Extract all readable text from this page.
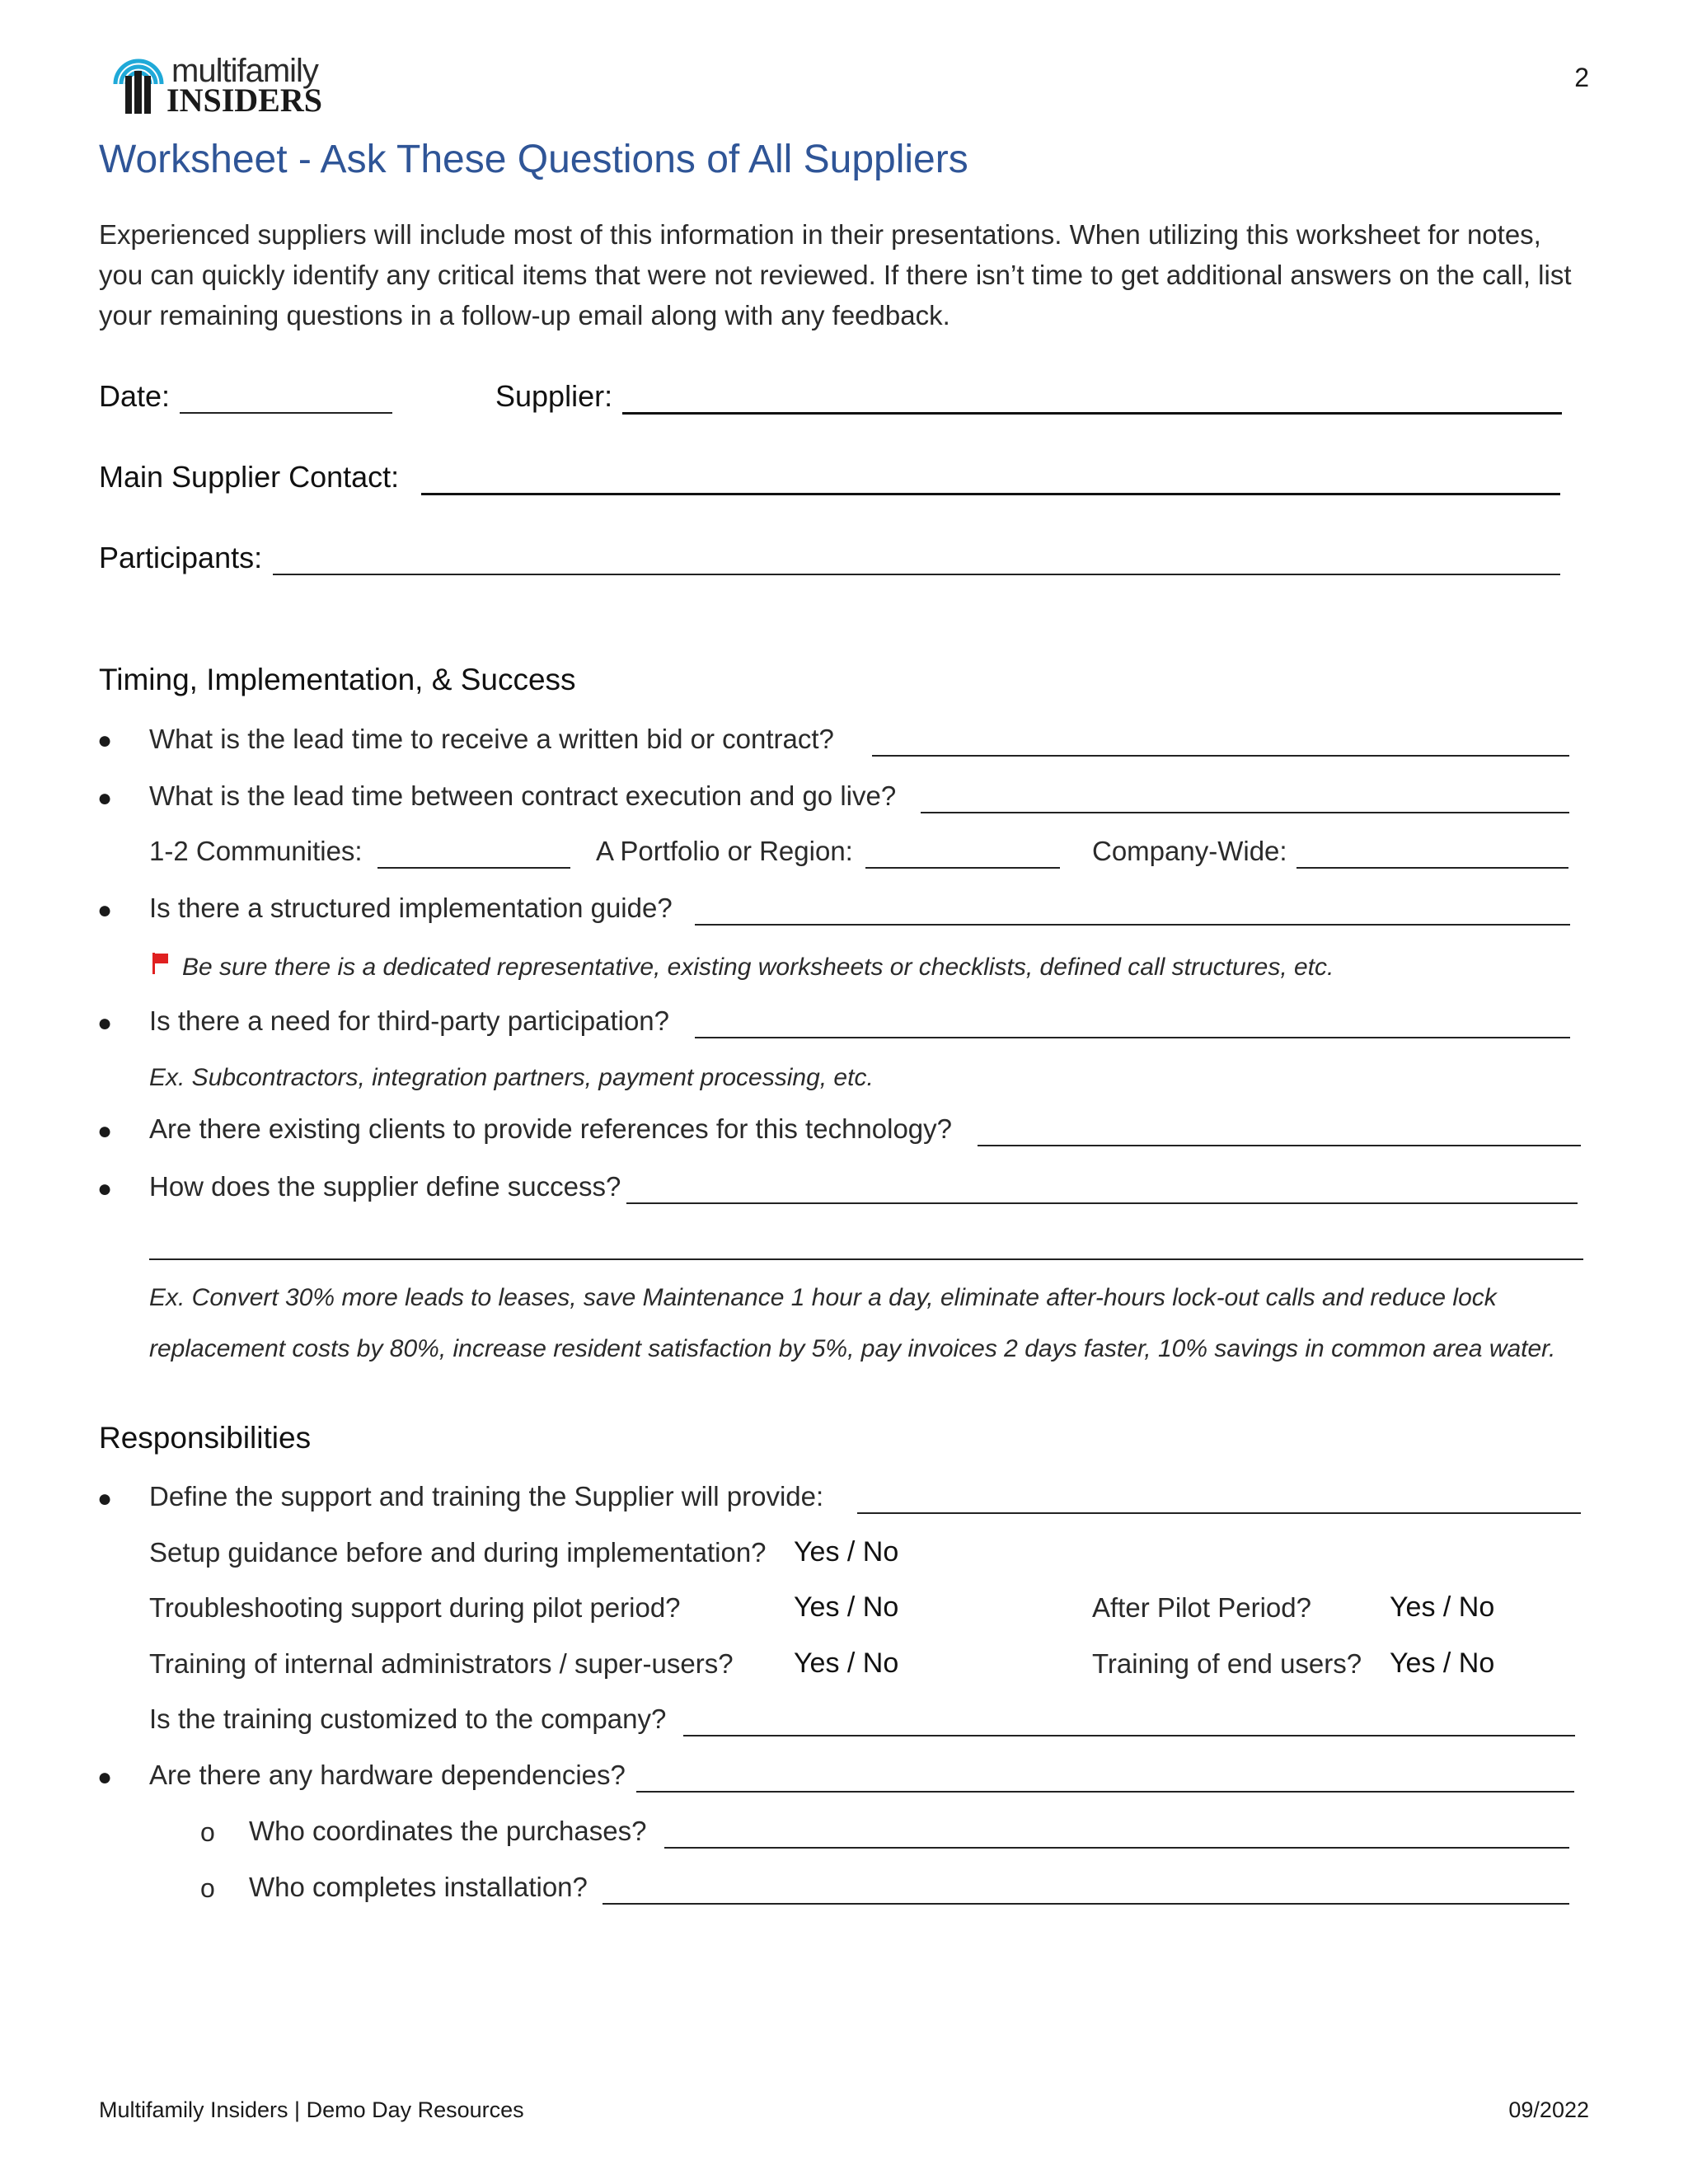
multifamily
INSIDERS
2
Worksheet - Ask These Questions of All Suppliers
Experienced suppliers will include most of this information in their presentations. When utilizing this worksheet for notes, you can quickly identify any critical items that were not reviewed. If there isn’t time to get additional answers on the call, list your remaining questions in a follow-up email along with any feedback.
Date:	Supplier:
Main Supplier Contact:
Participants:
Timing, Implementation, & Success
● What is the lead time to receive a written bid or contract?
● What is the lead time between contract execution and go live?
1-2 Communities:	A Portfolio or Region:	Company-Wide:
● Is there a structured implementation guide?
Be sure there is a dedicated representative, existing worksheets or checklists, defined call structures, etc.
● Is there a need for third-party participation?
Ex. Subcontractors, integration partners, payment processing, etc.
● Are there existing clients to provide references for this technology?
● How does the supplier define success?
Ex. Convert 30% more leads to leases, save Maintenance 1 hour a day, eliminate after-hours lock-out calls and reduce lock
replacement costs by 80%, increase resident satisfaction by 5%, pay invoices 2 days faster, 10% savings in common area water.
Responsibilities
● Define the support and training the Supplier will provide:
Setup guidance before and during implementation? Yes / No
Troubleshooting support during pilot period?	Yes / No	After Pilot Period?	Yes / No
Training of internal administrators / super-users? Yes / No	Training of end users? Yes / No
Is the training customized to the company?
● Are there any hardware dependencies?
o Who coordinates the purchases?
o Who completes installation?
Multifamily Insiders | Demo Day Resources	09/2022
